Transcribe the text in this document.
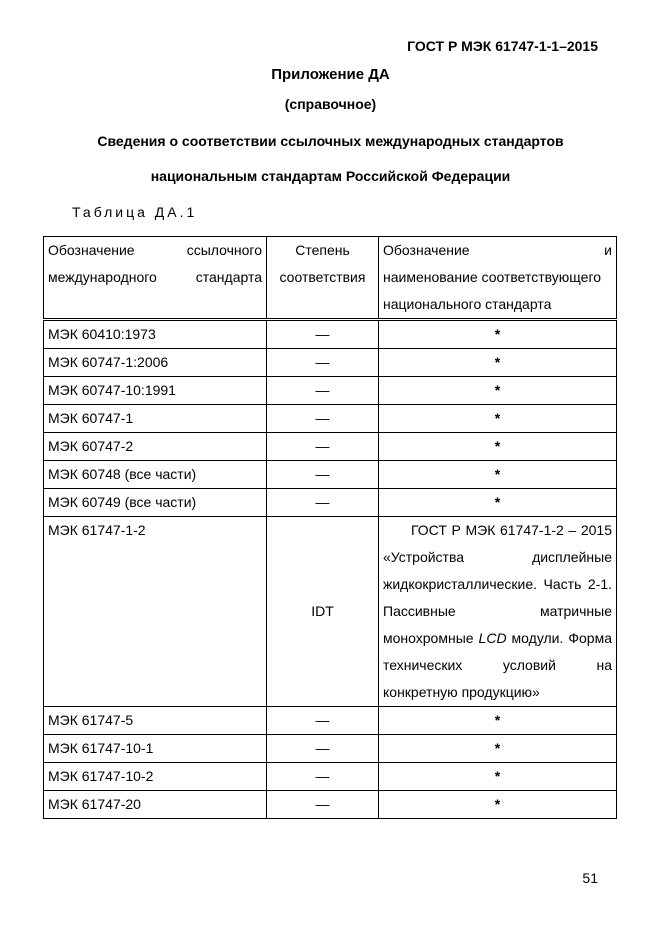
ГОСТ Р МЭК 61747-1-1–2015
Приложение ДА
(справочное)
Сведения о соответствии ссылочных международных стандартов
национальным стандартам Российской Федерации
Таблица ДА.1
Обозначение ссылочного международного стандарта	Степень соответствия	Обозначение и
наименование соответствующего национального стандарта
МЭК 60410:1973	—	*
МЭК 60747-1:2006	—	*
МЭК 60747-10:1991	—	*
МЭК 60747-1	—	*
МЭК 60747-2	—	*
МЭК 60748 (все части)	—	*
МЭК 60749 (все части)	—	*
МЭК 61747-1-2	IDT	ГОСТ Р МЭК 61747-1-2 – 2015 «Устройства дисплейные жидкокристаллические. Часть 2-1. Пассивные матричные монохромные LCD модули. Форма технических условий на конкретную продукцию»
МЭК 61747-5	—	*
МЭК 61747-10-1	—	*
МЭК 61747-10-2	—	*
МЭК 61747-20	—	*
51
